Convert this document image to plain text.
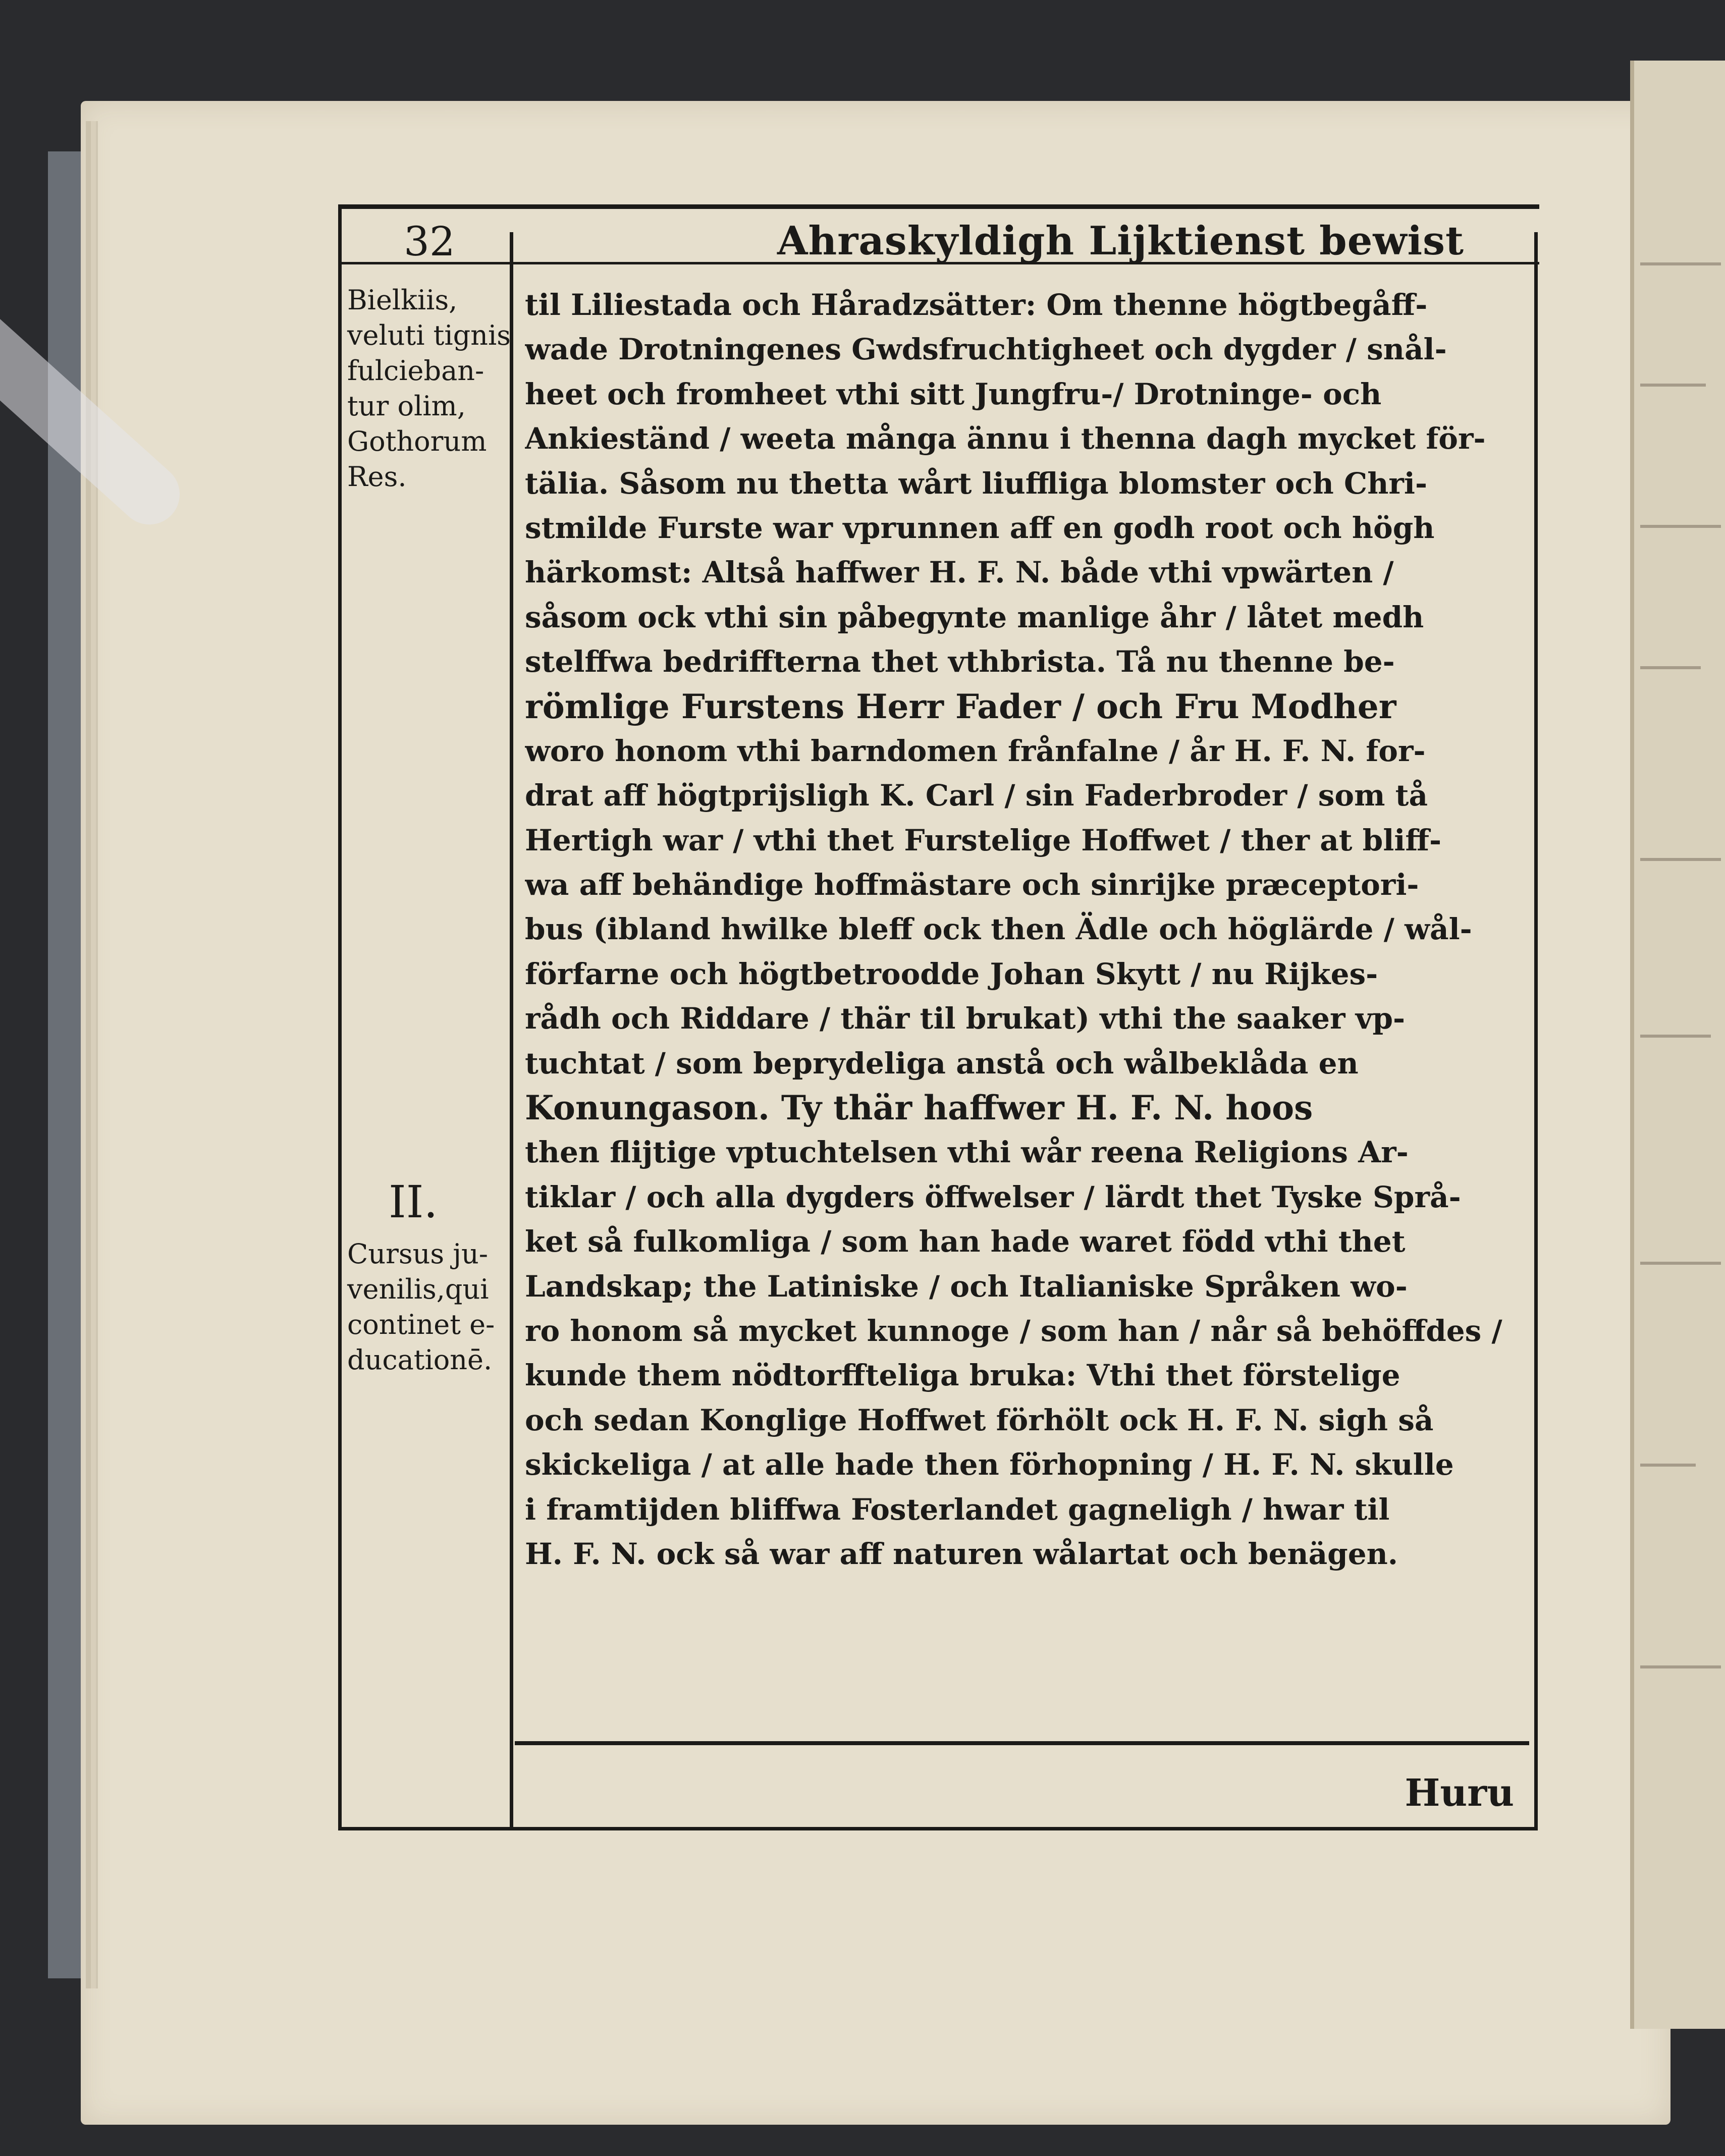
32	Ahraskyldigh Lijktienst bewist
Bielkiis,
veluti tignis
fulcieban-
tur olim,
Gothorum
Res.
II.
Cursus ju-
venilis,qui
continet e-
ducationē.
til Liliestada och Håradzsätter: Om thenne högtbegåff-
wade Drotningenes Gwdsfruchtigheet och dygder / snål-
heet och fromheet vthi sitt Jungfru-/ Drotninge- och
Ankieständ / weeta många ännu i thenna dagh mycket för-
tälia. Såsom nu thetta wårt liuffliga blomster och Chri-
stmilde Furste war vprunnen aff en godh root och högh
härkomst: Altså haffwer H. F. N. både vthi vpwärten /
såsom ock vthi sin påbegynte manlige åhr / låtet medh
stelffwa bedriffterna thet vthbrista. Tå nu thenne be-
römlige Furstens Herr Fader / och Fru Modher
woro honom vthi barndomen frånfalne / år H. F. N. for-
drat aff högtprijsligh K. Carl / sin Faderbroder / som tå
Hertigh war / vthi thet Furstelige Hoffwet / ther at bliff-
wa aff behändige hoffmästare och sinrijke præceptori-
bus (ibland hwilke bleff ock then Ädle och höglärde / wål-
förfarne och högtbetroodde Johan Skytt / nu Rijkes-
rådh och Riddare / thär til brukat) vthi the saaker vp-
tuchtat / som beprydeliga anstå och wålbeklåda en
Konungason. Ty thär haffwer H. F. N. hoos
then flijtige vptuchtelsen vthi wår reena Religions Ar-
tiklar / och alla dygders öffwelser / lärdt thet Tyske Språ-
ket så fulkomliga / som han hade waret född vthi thet
Landskap; the Latiniske / och Italianiske Språken wo-
ro honom så mycket kunnoge / som han / når så behöffdes /
kunde them nödtorffteliga bruka: Vthi thet förstelige
och sedan Konglige Hoffwet förhölt ock H. F. N. sigh så
skickeliga / at alle hade then förhopning / H. F. N. skulle
i framtijden bliffwa Fosterlandet gagneligh / hwar til
H. F. N. ock så war aff naturen wålartat och benägen.
Huru
